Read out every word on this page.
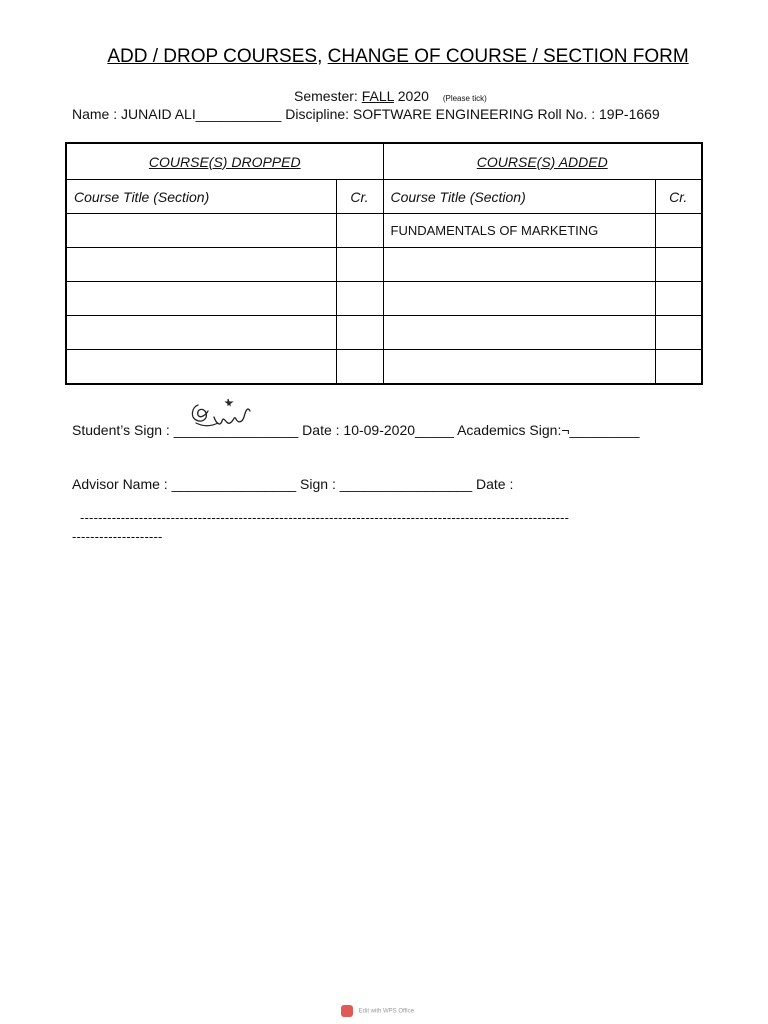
ADD / DROP COURSES, CHANGE OF COURSE / SECTION FORM
Semester: FALL 2020 (Please tick)
Name : JUNAID ALI___________ Discipline: SOFTWARE ENGINEERING Roll No. : 19P-1669
COURSE(S) DROPPED		COURSE(S) ADDED	
Course Title (Section)	Cr.	Course Title (Section)	Cr.
		FUNDAMENTALS OF MARKETING	

Student’s Sign : ________________ Date : 10-09-2020_____ Academics Sign:¬_________
Advisor Name : ________________ Sign : _________________ Date :
------------------------------------------------------------------------------------------------------------
--------------------
Edit with WPS Office
